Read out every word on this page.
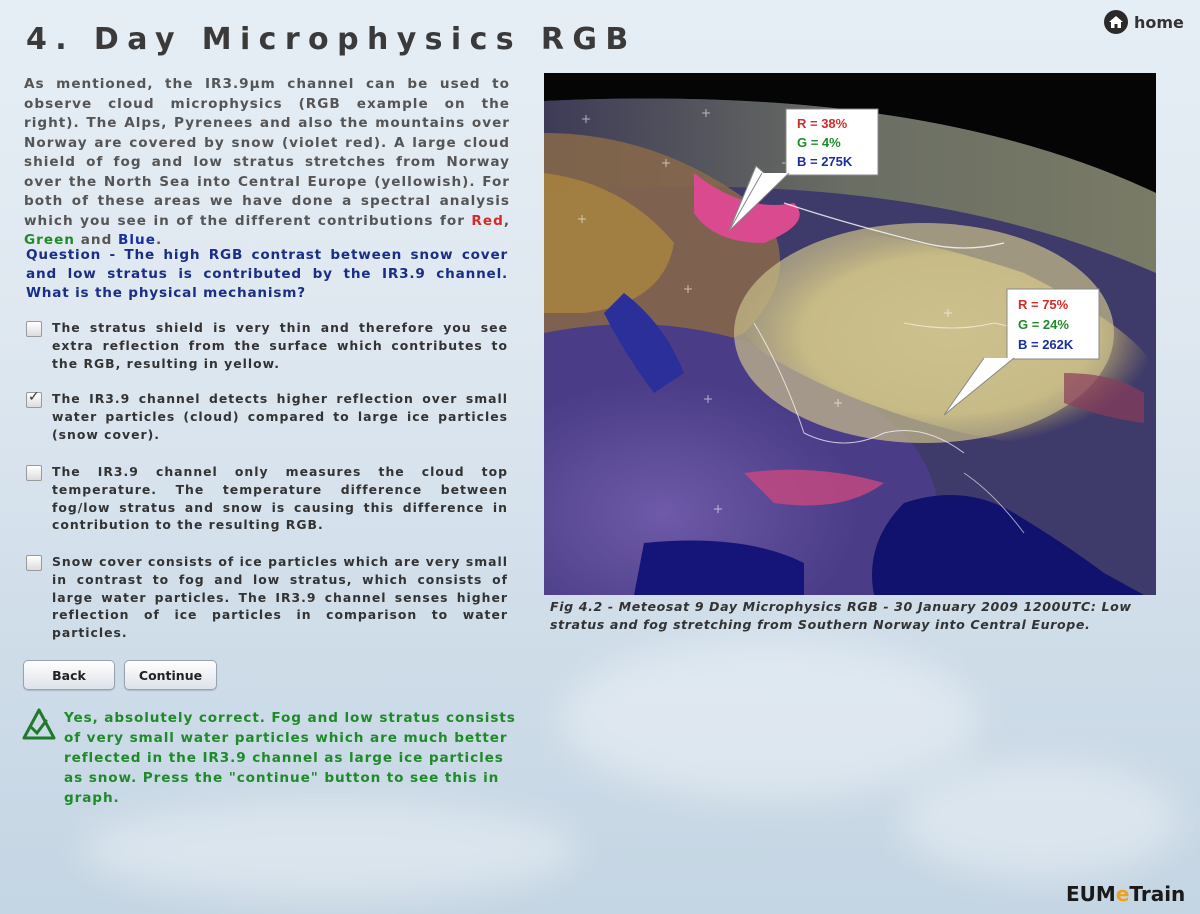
4. Day Microphysics RGB	home
As mentioned, the IR3.9μm channel can be used to observe cloud microphysics (RGB example on the right). The Alps, Pyrenees and also the mountains over Norway are covered by snow (violet red). A large cloud shield of fog and low stratus stretches from Norway over the North Sea into Central Europe (yellowish). For both of these areas we have done a spectral analysis which you see in of the different contributions for Red, Green and Blue.
Question - The high RGB contrast between snow cover and low stratus is contributed by the IR3.9 channel. What is the physical mechanism?
The stratus shield is very thin and therefore you see extra reflection from the surface which contributes to the RGB, resulting in yellow.
✓
The IR3.9 channel detects higher reflection over small water particles (cloud) compared to large ice particles (snow cover).
The IR3.9 channel only measures the cloud top temperature. The temperature difference between fog/low stratus and snow is causing this difference in contribution to the resulting RGB.
Snow cover consists of ice particles which are very small in contrast to fog and low stratus, which consists of large water particles. The IR3.9 channel senses higher reflection of ice particles in comparison to water particles.
Back	Continue
Yes, absolutely correct. Fog and low stratus consists of very small water particles which are much better reflected in the IR3.9 channel as large ice particles as snow. Press the "continue" button to see this in graph.
R = 38%
G = 4%
B = 275K
R = 75%
G = 24%
B = 262K
Fig 4.2 - Meteosat 9 Day Microphysics RGB - 30 January 2009 1200UTC: Low stratus and fog stretching from Southern Norway into Central Europe.
EUMeTrain
